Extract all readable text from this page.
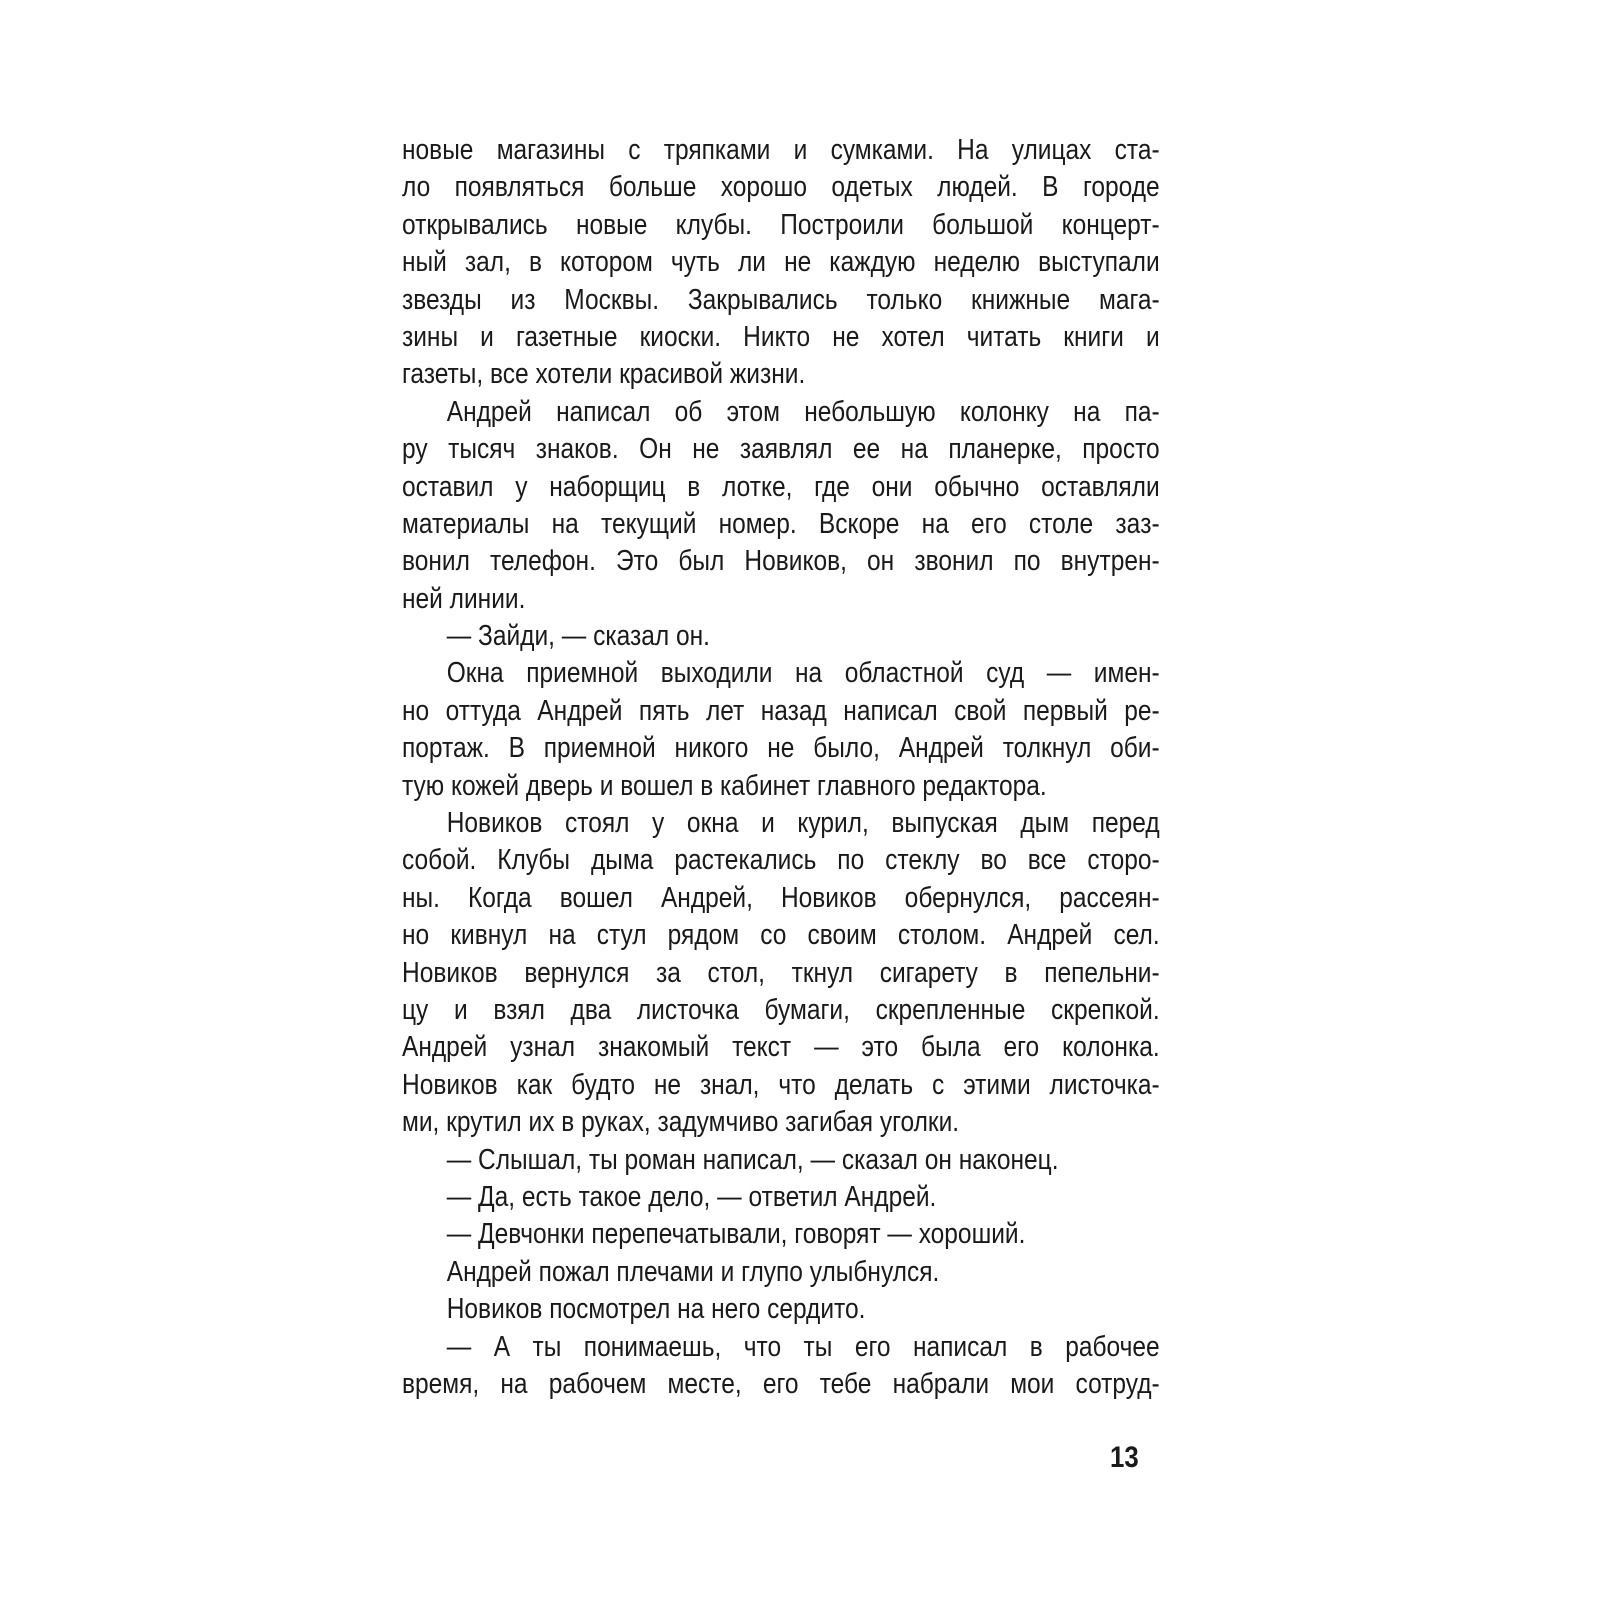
новые магазины с тряпками и сумками. На улицах ста-
ло появляться больше хорошо одетых людей. В городе
открывались новые клубы. Построили большой концерт-
ный зал, в котором чуть ли не каждую неделю выступали
звезды из Москвы. Закрывались только книжные мага-
зины и газетные киоски. Никто не хотел читать книги и
газеты, все хотели красивой жизни.
Андрей написал об этом небольшую колонку на па-
ру тысяч знаков. Он не заявлял ее на планерке, просто
оставил у наборщиц в лотке, где они обычно оставляли
материалы на текущий номер. Вскоре на его столе зaз-
вонил телефон. Это был Новиков, он звонил по внутрен-
ней линии.
— Зайди, — сказал он.
Окна приемной выходили на областной суд — имен-
но оттуда Андрей пять лет назад написал свой первый ре-
портаж. В приемной никого не было, Андрей толкнул оби-
тую кожей дверь и вошел в кабинет главного редактора.
Новиков стоял у окна и курил, выпуская дым перед
собой. Клубы дыма растекались по стеклу во все сторо-
ны. Когда вошел Андрей, Новиков обернулся, рассеян-
но кивнул на стул рядом со своим столом. Андрей сел.
Новиков вернулся за стол, ткнул сигарету в пепельни-
цу и взял два листочка бумаги, скрепленные скрепкой.
Андрей узнал знакомый текст — это была его колонка.
Новиков как будто не знал, что делать с этими листочка-
ми, крутил их в руках, задумчиво загибая уголки.
— Слышал, ты роман написал, — сказал он наконец.
— Да, есть такое дело, — ответил Андрей.
— Девчонки перепечатывали, говорят — хороший.
Андрей пожал плечами и глупо улыбнулся.
Новиков посмотрел на него сердито.
— А ты понимаешь, что ты его написал в рабочее
время, на рабочем месте, его тебе набрали мои сотруд-
13
